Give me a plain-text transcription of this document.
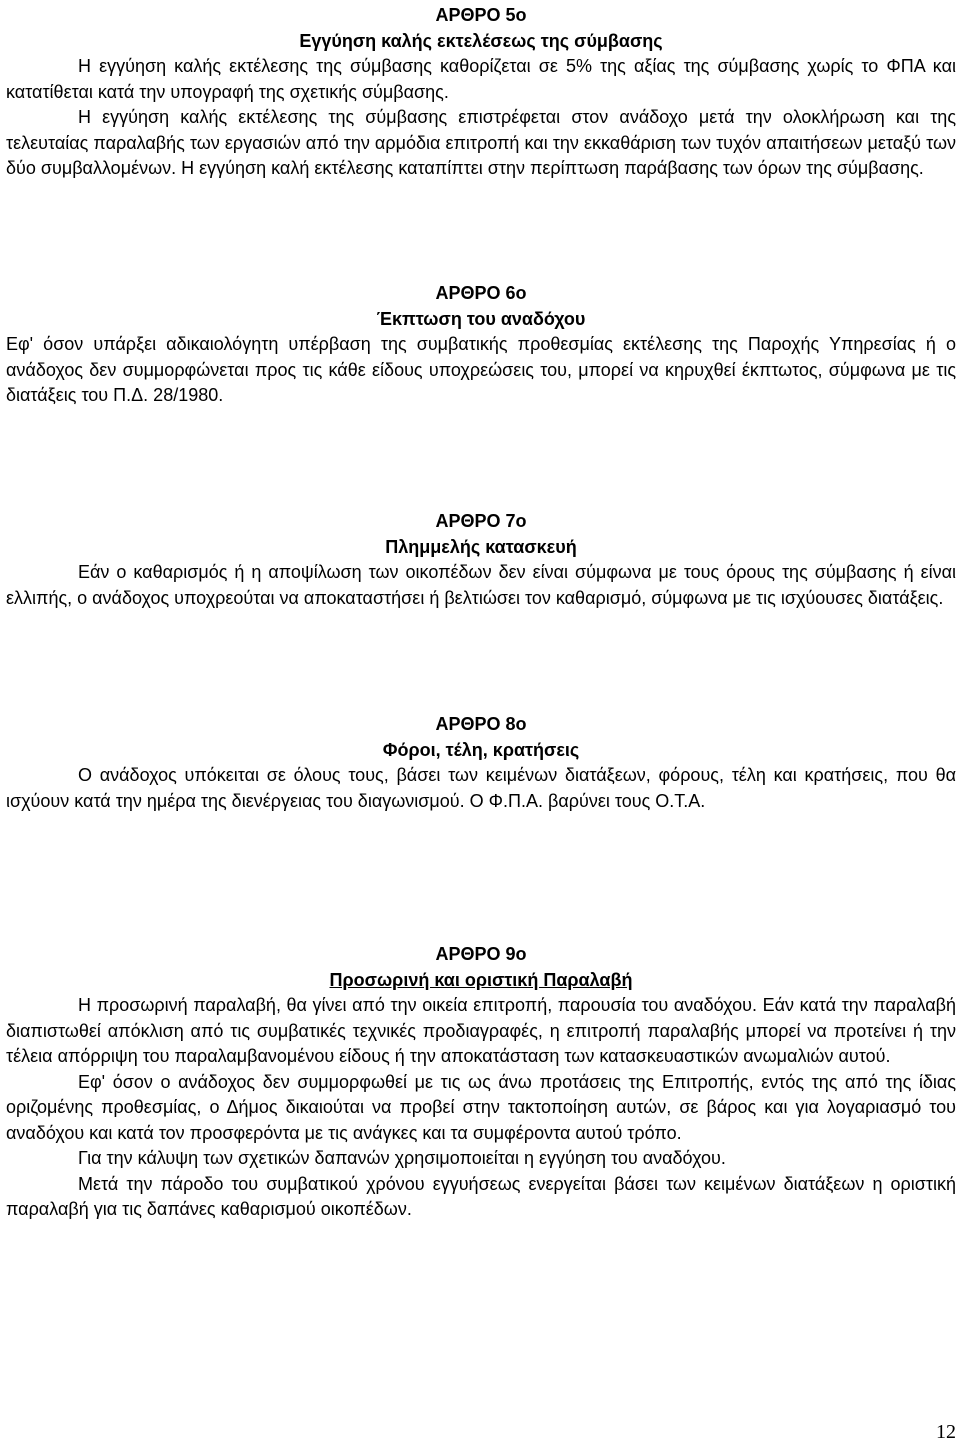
ΑΡΘΡΟ 5ο

Εγγύηση καλής εκτελέσεως της σύμβασης

Η εγγύηση καλής εκτέλεσης της σύμβασης καθορίζεται σε 5% της αξίας της σύμβασης χωρίς το ΦΠΑ και κατατίθεται κατά την υπογραφή της σχετικής σύμβασης.

Η εγγύηση καλής εκτέλεσης της σύμβασης επιστρέφεται στον ανάδοχο μετά την ολοκλήρωση και της τελευταίας παραλαβής των εργασιών από την αρμόδια επιτροπή και την εκκαθάριση των τυχόν απαιτήσεων μεταξύ των δύο συμβαλλομένων. Η εγγύηση καλή εκτέλεσης καταπίπτει στην περίπτωση παράβασης των όρων της σύμβασης.

ΑΡΘΡΟ 6ο

Έκπτωση του αναδόχου

Εφ' όσον υπάρξει αδικαιολόγητη υπέρβαση της συμβατικής προθεσμίας εκτέλεσης της Παροχής Υπηρεσίας ή ο ανάδοχος δεν συμμορφώνεται προς τις κάθε είδους υποχρεώσεις του, μπορεί να κηρυχθεί έκπτωτος, σύμφωνα με τις διατάξεις του Π.Δ. 28/1980.

ΑΡΘΡΟ 7ο

Πλημμελής κατασκευή

Εάν ο καθαρισμός ή η αποψίλωση των οικοπέδων δεν είναι σύμφωνα με τους όρους της σύμβασης ή είναι ελλιπής, ο ανάδοχος υποχρεούται να αποκαταστήσει ή βελτιώσει τον καθαρισμό, σύμφωνα με τις ισχύουσες διατάξεις.

ΑΡΘΡΟ 8ο

Φόροι, τέλη, κρατήσεις

Ο ανάδοχος υπόκειται σε όλους τους, βάσει των κειμένων διατάξεων, φόρους, τέλη και κρατήσεις, που θα ισχύουν κατά την ημέρα της διενέργειας του διαγωνισμού. Ο Φ.Π.Α. βαρύνει τους Ο.Τ.Α.

ΑΡΘΡΟ 9ο

Προσωρινή και οριστική Παραλαβή

Η προσωρινή παραλαβή, θα γίνει από την οικεία επιτροπή, παρουσία του αναδόχου. Εάν κατά την παραλαβή διαπιστωθεί απόκλιση από τις συμβατικές τεχνικές προδιαγραφές, η επιτροπή παραλαβής μπορεί να προτείνει ή την τέλεια απόρριψη του παραλαμβανομένου είδους ή την αποκατάσταση των κατασκευαστικών ανωμαλιών αυτού.

Εφ' όσον ο ανάδοχος δεν συμμορφωθεί με τις ως άνω προτάσεις της Επιτροπής, εντός της από της ίδιας οριζομένης προθεσμίας, ο Δήμος δικαιούται να προβεί στην τακτοποίηση αυτών, σε βάρος και για λογαριασμό του αναδόχου και κατά τον προσφερόντα με τις ανάγκες και τα συμφέροντα αυτού τρόπο.

Για την κάλυψη των σχετικών δαπανών χρησιμοποιείται η εγγύηση του αναδόχου.

Μετά την πάροδο του συμβατικού χρόνου εγγυήσεως ενεργείται βάσει των κειμένων διατάξεων η οριστική παραλαβή για τις δαπάνες καθαρισμού οικοπέδων.

12
